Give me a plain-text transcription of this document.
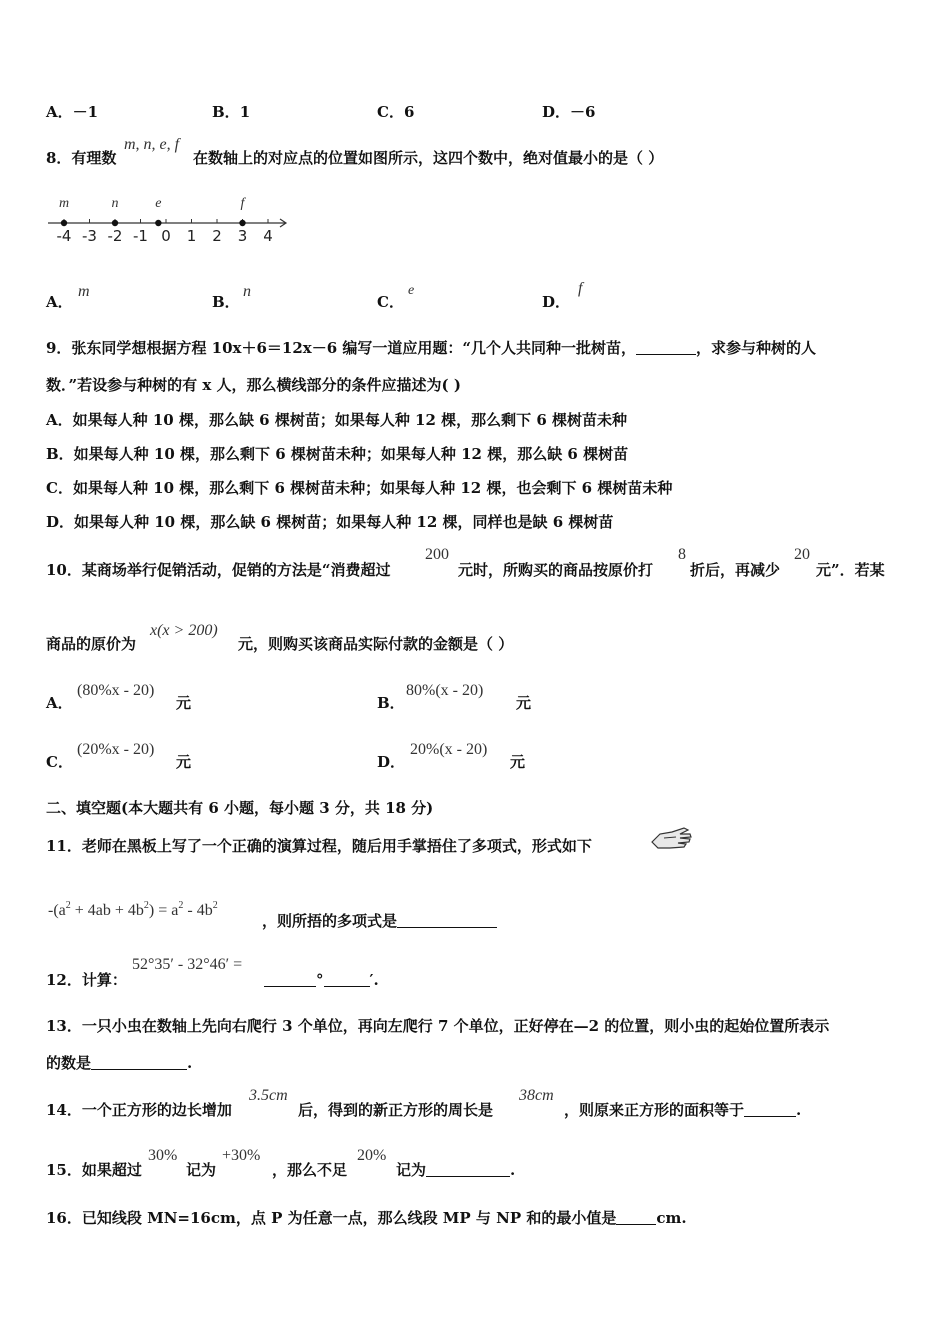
A．－1	B．1	C．6	D．－6
8．有理数
m, n, e, f
在数轴上的对应点的位置如图所示，这四个数中，绝对值最小的是（ ）
-4 -3 -2 -1 0 1 2 3 4
m	n	e	f
A．
m
B．
n
C．
e
D．
f
9．张东同学想根据方程 10x＋6＝12x－6 编写一道应用题：“几个人共同种一批树苗，	，求参与种树的人
数．”若设参与种树的有 x 人，那么横线部分的条件应描述为( )
A．如果每人种 10 棵，那么缺 6 棵树苗；如果每人种 12 棵，那么剩下 6 棵树苗未种
B．如果每人种 10 棵，那么剩下 6 棵树苗未种；如果每人种 12 棵，那么缺 6 棵树苗
C．如果每人种 10 棵，那么剩下 6 棵树苗未种；如果每人种 12 棵，也会剩下 6 棵树苗未种
D．如果每人种 10 棵，那么缺 6 棵树苗；如果每人种 12 棵，同样也是缺 6 棵树苗
10．某商场举行促销活动，促销的方法是“消费超过
200
元时，所购买的商品按原价打
8
折后，再减少
20
元”．若某
商品的原价为
x(x > 200)
元，则购买该商品实际付款的金额是（ ）
A．
(80%x - 20)
元	B．
80%(x - 20)
元
C．
(20%x - 20)
元	D．
20%(x - 20)
元
二、填空题(本大题共有 6 小题，每小题 3 分，共 18 分)
11．老师在黑板上写了一个正确的演算过程，随后用手掌捂住了多项式，形式如下
$-(a^2 + 4ab + 4b^2) = a^2 - 4b^2$
，则所捂的多项式是
12．计算：
52°35′ - 32°46′ =
°	′.
13．一只小虫在数轴上先向右爬行 3 个单位，再向左爬行 7 个单位，正好停在—2 的位置，则小虫的起始位置所表示
的数是	.
14．一个正方形的边长增加
3.5cm
后，得到的新正方形的周长是
38cm
，则原来正方形的面积等于	.
15．如果超过
30%
记为
+30%
，那么不足
20%
记为	.
16．已知线段 MN=16cm，点 P 为任意一点，那么线段 MP 与 NP 和的最小值是	cm.
